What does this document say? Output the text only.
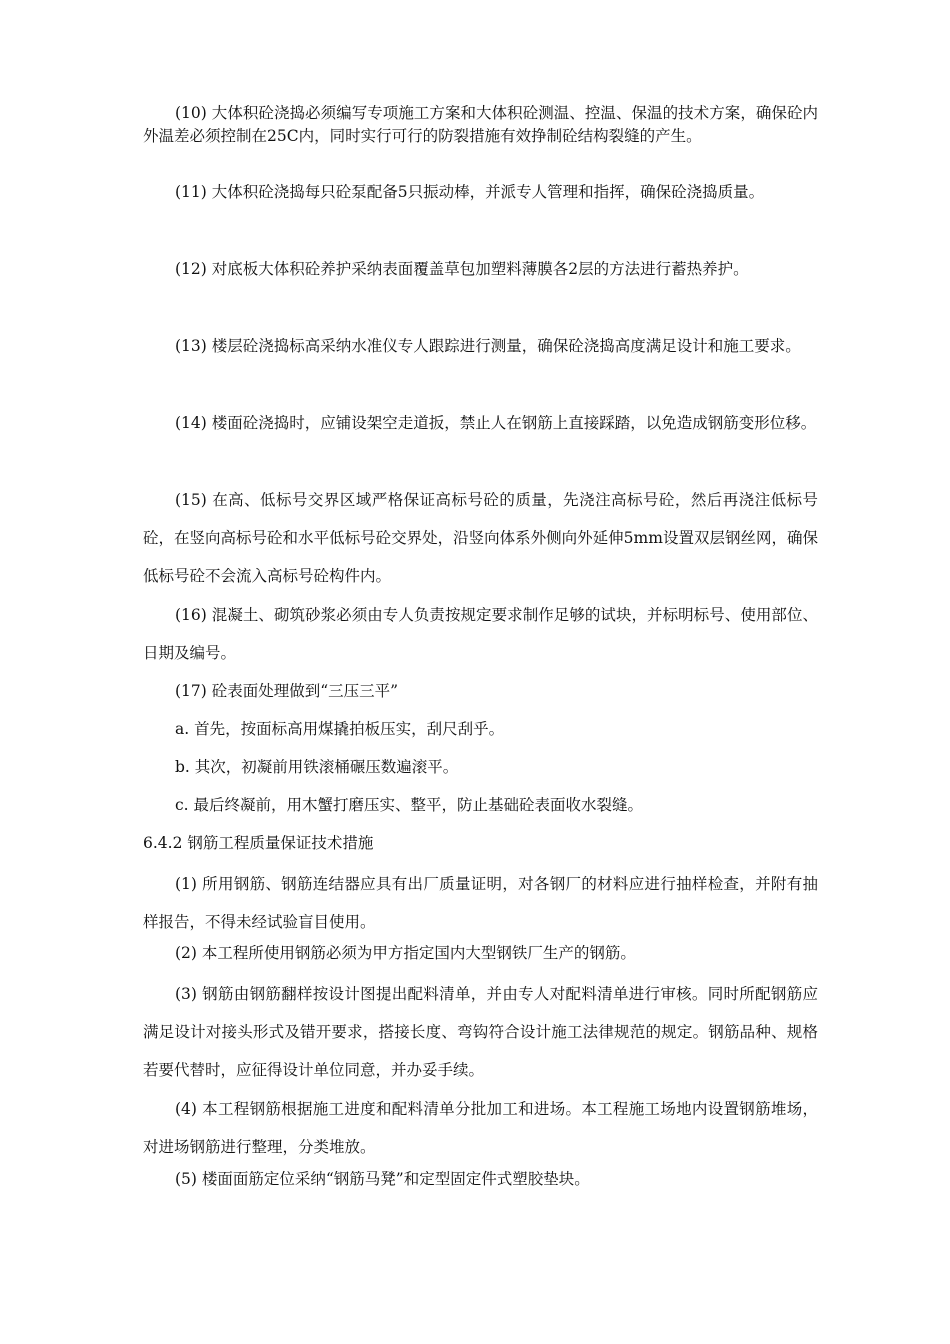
(10) 大体积砼浇捣必须编写专项施工方案和大体积砼测温、控温、保温的技术方案，确保砼内外温差必须控制在25C内，同时实行可行的防裂措施有效挣制砼结构裂缝的产生。

(11) 大体积砼浇捣每只砼泵配备5只振动棒，并派专人管理和指挥，确保砼浇捣质量。

(12) 对底板大体积砼养护采纳表面覆盖草包加塑料薄膜各2层的方法进行蓄热养护。

(13) 楼层砼浇捣标高采纳水准仪专人跟踪进行测量，确保砼浇捣高度满足设计和施工要求。

(14) 楼面砼浇捣时，应铺设架空走道扳，禁止人在钢筋上直接踩踏，以免造成钢筋变形位移。

(15) 在高、低标号交界区域严格保证高标号砼的质量，先浇注高标号砼，然后再浇注低标号砼，在竖向高标号砼和水平低标号砼交界处，沿竖向体系外侧向外延伸5mm设置双层钢丝网，确保低标号砼不会流入高标号砼构件内。

(16) 混凝土、砌筑砂浆必须由专人负责按规定要求制作足够的试块，并标明标号、使用部位、日期及编号。

(17) 砼表面处理做到“三压三平”

a. 首先，按面标高用煤撬拍板压实，刮尺刮乎。

b. 其次，初凝前用铁滚桶碾压数遍滚平。

c. 最后终凝前，用木蟹打磨压实、整平，防止基础砼表面收水裂缝。

6.4.2 钢筋工程质量保证技术措施

(1) 所用钢筋、钢筋连结器应具有出厂质量证明，对各钢厂的材料应进行抽样检查，并附有抽样报告，不得未经试验盲目使用。

(2) 本工程所使用钢筋必须为甲方指定国内大型钢铁厂生产的钢筋。

(3) 钢筋由钢筋翻样按设计图提出配料清单，并由专人对配料清单进行审核。同时所配钢筋应满足设计对接头形式及错开要求，搭接长度、弯钩符合设计施工法律规范的规定。钢筋品种、规格若要代替时，应征得设计单位同意，并办妥手续。

(4) 本工程钢筋根据施工进度和配料清单分批加工和进场。本工程施工场地内设置钢筋堆场，对进场钢筋进行整理，分类堆放。

(5) 楼面面筋定位采纳“钢筋马凳”和定型固定件式塑胶垫块。
